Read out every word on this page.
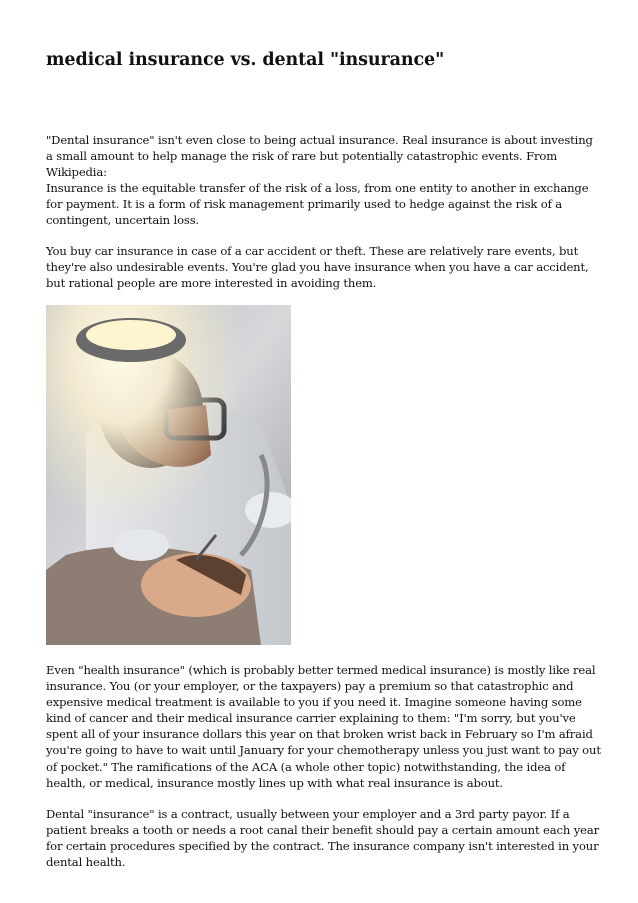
medical insurance vs. dental "insurance"

"Dental insurance" isn't even close to being actual insurance. Real insurance is about investing a small amount to help manage the risk of rare but potentially catastrophic events. From Wikipedia:

Insurance is the equitable transfer of the risk of a loss, from one entity to another in exchange for payment. It is a form of risk management primarily used to hedge against the risk of a contingent, uncertain loss.

You buy car insurance in case of a car accident or theft. These are relatively rare events, but they're also undesirable events. You're glad you have insurance when you have a car accident, but rational people are more interested in avoiding them.

Even "health insurance" (which is probably better termed medical insurance) is mostly like real insurance. You (or your employer, or the taxpayers) pay a premium so that catastrophic and expensive medical treatment is available to you if you need it. Imagine someone having some kind of cancer and their medical insurance carrier explaining to them: "I'm sorry, but you've spent all of your insurance dollars this year on that broken wrist back in February so I'm afraid you're going to have to wait until January for your chemotherapy unless you just want to pay out of pocket." The ramifications of the ACA (a whole other topic) notwithstanding, the idea of health, or medical, insurance mostly lines up with what real insurance is about.

Dental "insurance" is a contract, usually between your employer and a 3rd party payor. If a patient breaks a tooth or needs a root canal their benefit should pay a certain amount each year for certain procedures specified by the contract. The insurance company isn't interested in your dental health.
